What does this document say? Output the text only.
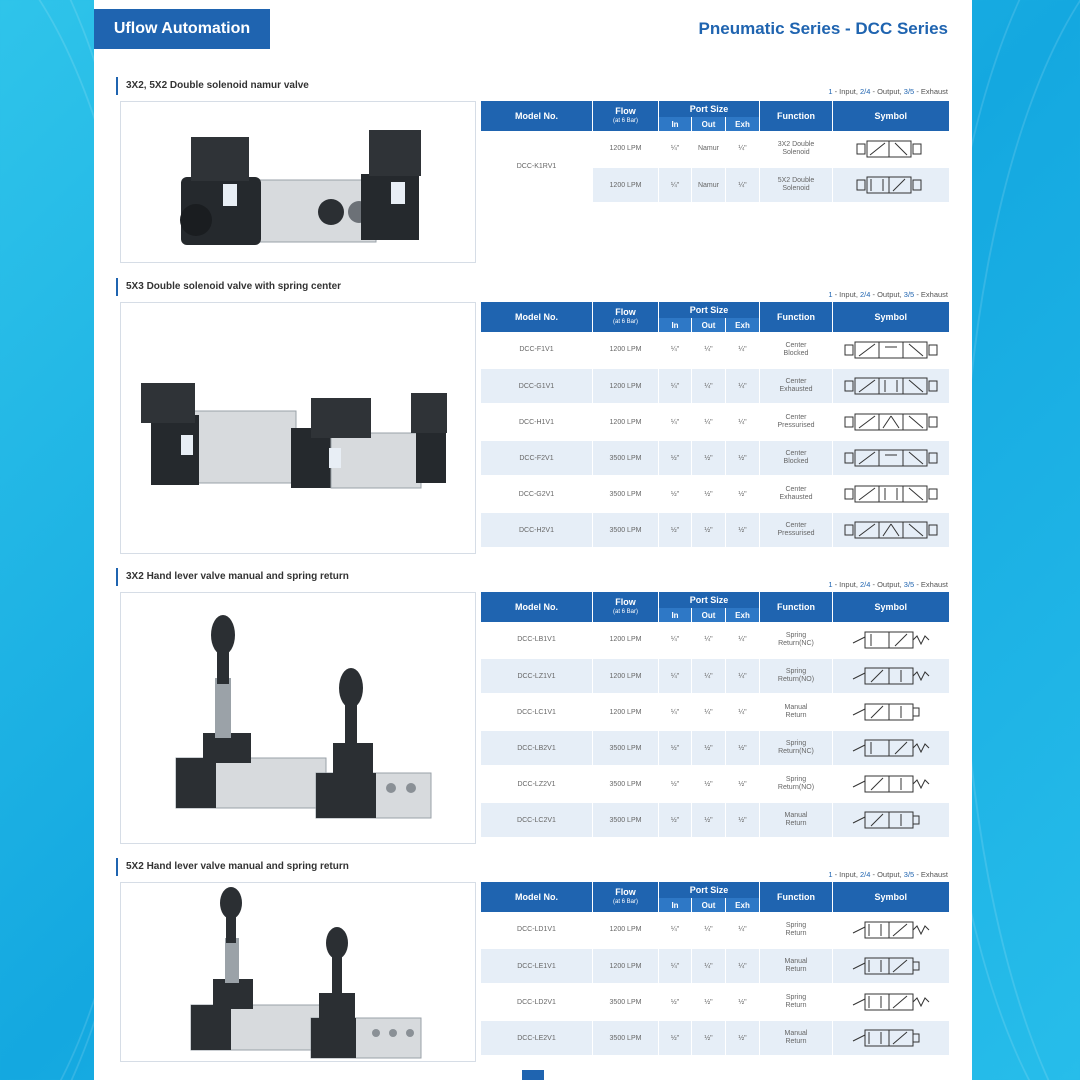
Uflow Automation	Pneumatic Series - DCC Series
3X2, 5X2 Double solenoid namur valve
1 - Input, 2/4 - Output, 3/5 - Exhaust
Model No.	Flow
(at 6 Bar)	Port Size			Function	Symbol
		In	Out	Exh		
DCC-K1RV1	1200 LPM	¼"	Namur	¼"	3X2 Double
Solenoid	
	1200 LPM	¼"	Namur	¼"	5X2 Double
Solenoid	
5X3 Double solenoid valve with spring center
1 - Input, 2/4 - Output, 3/5 - Exhaust
Model No.	Flow
(at 6 Bar)	Port Size			Function	Symbol
		In	Out	Exh		
DCC-F1V1	1200 LPM	¼"	¼"	¼"	Center
Blocked	
DCC-G1V1	1200 LPM	¼"	¼"	¼"	Center
Exhausted	
DCC-H1V1	1200 LPM	¼"	¼"	¼"	Center
Pressurised	
DCC-F2V1	3500 LPM	½"	½"	½"	Center
Blocked	
DCC-G2V1	3500 LPM	½"	½"	½"	Center
Exhausted	
DCC-H2V1	3500 LPM	½"	½"	½"	Center
Pressurised	
3X2 Hand lever valve manual and spring return
1 - Input, 2/4 - Output, 3/5 - Exhaust
Model No.	Flow
(at 6 Bar)	Port Size			Function	Symbol
		In	Out	Exh		
DCC-LB1V1	1200 LPM	¼"	¼"	¼"	Spring
Return(NC)	
DCC-LZ1V1	1200 LPM	¼"	¼"	¼"	Spring
Return(NO)	
DCC-LC1V1	1200 LPM	¼"	¼"	¼"	Manual
Return	
DCC-LB2V1	3500 LPM	½"	½"	½"	Spring
Return(NC)	
DCC-LZ2V1	3500 LPM	½"	½"	½"	Spring
Return(NO)	
DCC-LC2V1	3500 LPM	½"	½"	½"	Manual
Return	
5X2 Hand lever valve manual and spring return
1 - Input, 2/4 - Output, 3/5 - Exhaust
Model No.	Flow
(at 6 Bar)	Port Size			Function	Symbol
		In	Out	Exh		
DCC-LD1V1	1200 LPM	¼"	¼"	¼"	Spring
Return	
DCC-LE1V1	1200 LPM	¼"	¼"	¼"	Manual
Return	
DCC-LD2V1	3500 LPM	½"	½"	½"	Spring
Return	
DCC-LE2V1	3500 LPM	½"	½"	½"	Manual
Return	
